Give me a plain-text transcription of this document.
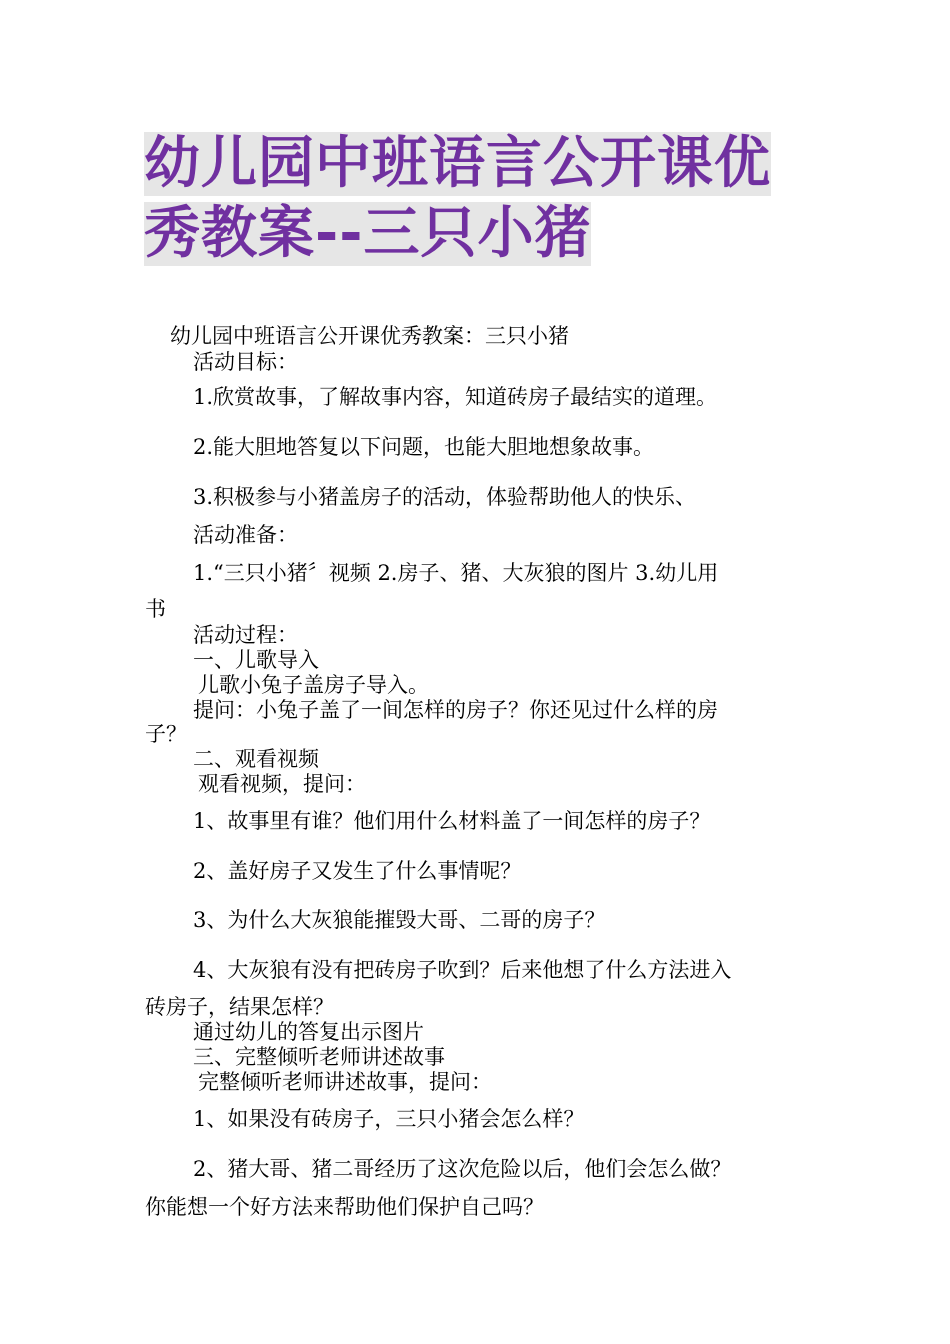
幼儿园中班语言公开课优
秀教案--三只小猪
幼儿园中班语言公开课优秀教案：三只小猪
活动目标：
1.欣赏故事，了解故事内容，知道砖房子最结实的道理。
2.能大胆地答复以下问题，也能大胆地想象故事。
3.积极参与小猪盖房子的活动，体验帮助他人的快乐、
活动准备：
1.“三只小猪〞视频 2.房子、猪、大灰狼的图片 3.幼儿用
书
活动过程：
一、儿歌导入
儿歌小兔子盖房子导入。
提问：小兔子盖了一间怎样的房子？你还见过什么样的房
子？
二、观看视频
观看视频，提问：
1、故事里有谁？他们用什么材料盖了一间怎样的房子？
2、盖好房子又发生了什么事情呢？
3、为什么大灰狼能摧毁大哥、二哥的房子？
4、大灰狼有没有把砖房子吹到？后来他想了什么方法进入
砖房子，结果怎样？
通过幼儿的答复出示图片
三、完整倾听老师讲述故事
完整倾听老师讲述故事，提问：
1、如果没有砖房子，三只小猪会怎么样？
2、猪大哥、猪二哥经历了这次危险以后，他们会怎么做？
你能想一个好方法来帮助他们保护自己吗？
